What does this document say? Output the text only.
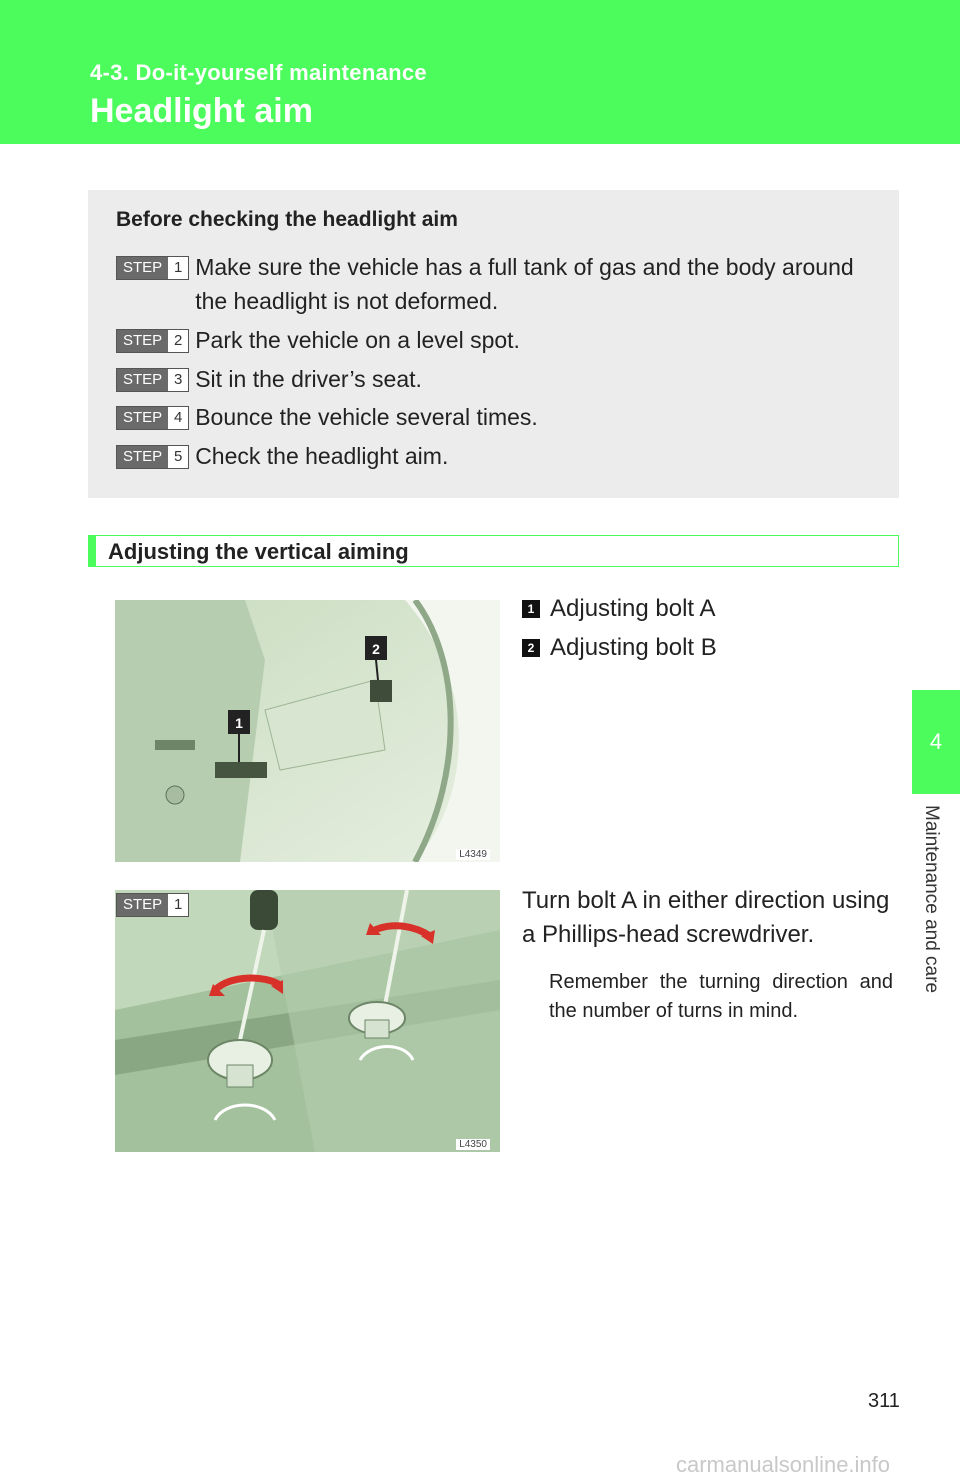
4-3. Do-it-yourself maintenance
Headlight aim
4
Maintenance and care
Before checking the headlight aim
STEP 1 Make sure the vehicle has a full tank of gas and the body around the headlight is not deformed.
STEP 2 Park the vehicle on a level spot.
STEP 3 Sit in the driver’s seat.
STEP 4 Bounce the vehicle several times.
STEP 5 Check the headlight aim.
Adjusting the vertical aiming
1
2
L4349
1 Adjusting bolt A
2 Adjusting bolt B
L4350
STEP 1	Turn bolt A in either direction using a Phillips-head screwdriver.
Remember the turning direction and the number of turns in mind.
311
carmanualsonline.info
